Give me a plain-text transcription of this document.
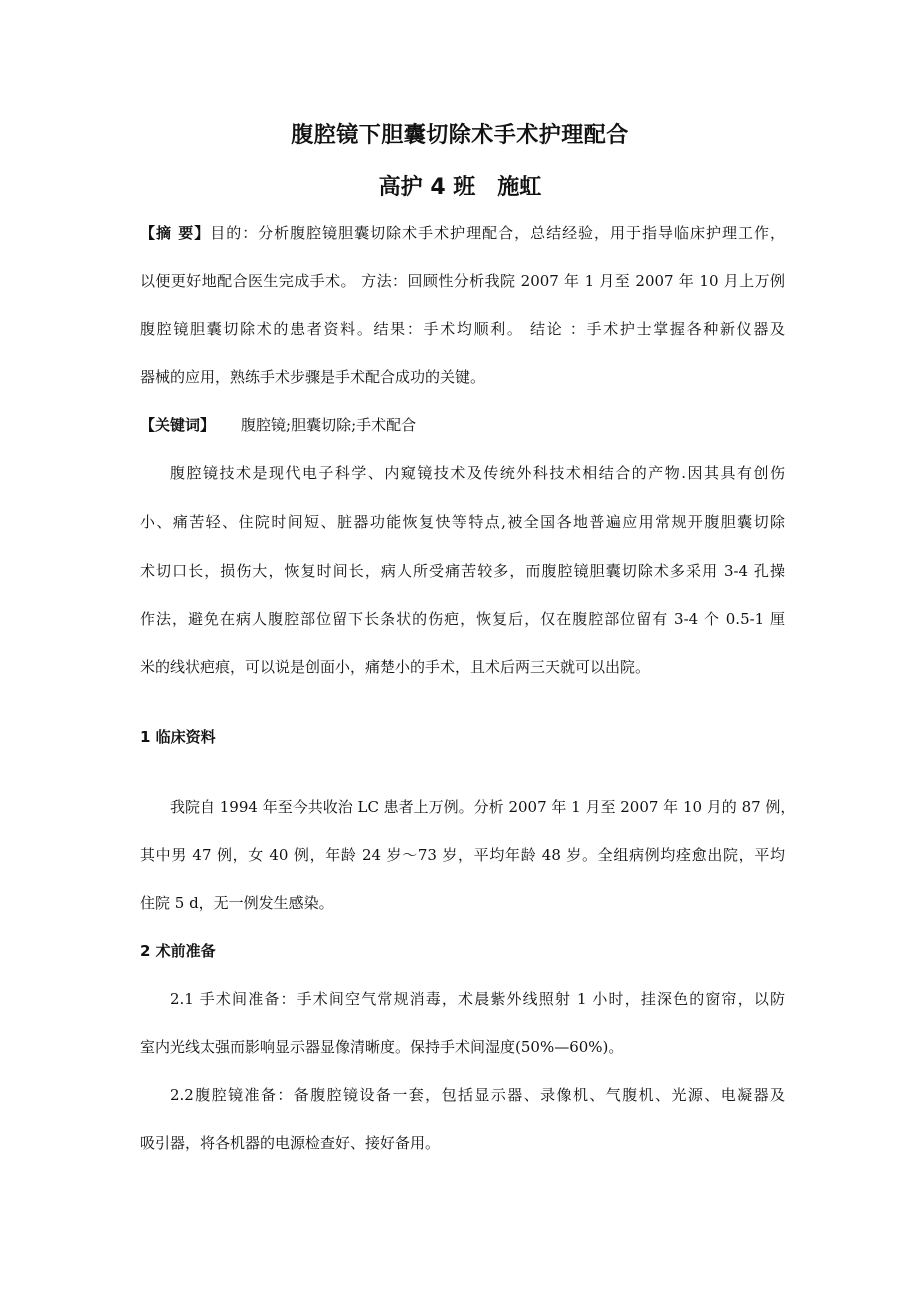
腹腔镜下胆囊切除术手术护理配合
高护 4 班　施虹
【摘 要】目的：分析腹腔镜胆囊切除术手术护理配合，总结经验，用于指导临床护理工作，
以便更好地配合医生完成手术。 方法：回顾性分析我院 2007 年 1 月至 2007 年 10 月上万例
腹腔镜胆囊切除术的患者资料。结果：手术均顺利。 结论 ：手术护士掌握各种新仪器及
器械的应用，熟练手术步骤是手术配合成功的关键。
【关键词】 腹腔镜;胆囊切除;手术配合
腹腔镜技术是现代电子科学、内窥镜技术及传统外科技术相结合的产物.因其具有创伤
小、痛苦轻、住院时间短、脏器功能恢复快等特点,被全国各地普遍应用常规开腹胆囊切除
术切口长，损伤大，恢复时间长，病人所受痛苦较多，而腹腔镜胆囊切除术多采用 3-4 孔操
作法，避免在病人腹腔部位留下长条状的伤疤，恢复后，仅在腹腔部位留有 3-4 个 0.5-1 厘
米的线状疤痕，可以说是创面小，痛楚小的手术，且术后两三天就可以出院。
1 临床资料
我院自 1994 年至今共收治 LC 患者上万例。分析 2007 年 1 月至 2007 年 10 月的 87 例，
其中男 47 例，女 40 例，年龄 24 岁～73 岁，平均年龄 48 岁。全组病例均痊愈出院，平均
住院 5 d，无一例发生感染。
2 术前准备
2.1 手术间准备：手术间空气常规消毒，术晨紫外线照射 1 小时，挂深色的窗帘，以防
室内光线太强而影响显示器显像清晰度。保持手术间湿度(50%—60%)。
2.2腹腔镜准备：备腹腔镜设备一套，包括显示器、录像机、气腹机、光源、电凝器及
吸引器，将各机器的电源检查好、接好备用。
